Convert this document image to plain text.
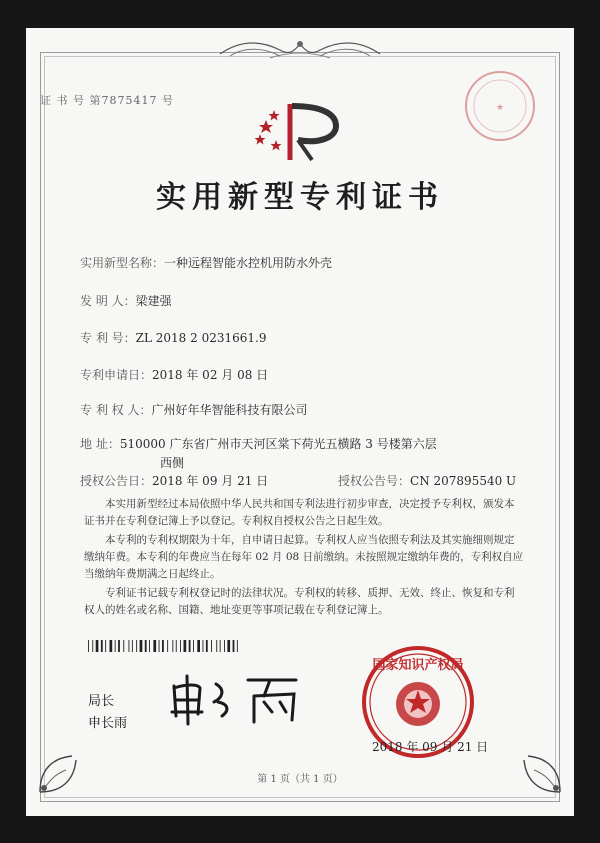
证 书 号 第7875417 号
★
实用新型专利证书
实用新型名称：一种远程智能水控机用防水外壳
发 明 人：梁建强
专 利 号：ZL 2018 2 0231661.9
专利申请日：2018 年 02 月 08 日
专 利 权 人：广州好年华智能科技有限公司
地 址：510000 广东省广州市天河区棠下荷光五横路 3 号楼第六层
西侧
授权公告日：2018 年 09 月 21 日	授权公告号：CN 207895540 U
本实用新型经过本局依照中华人民共和国专利法进行初步审查，决定授予专利权，颁发本证书并在专利登记簿上予以登记。专利权自授权公告之日起生效。
本专利的专利权期限为十年，自申请日起算。专利权人应当依照专利法及其实施细则规定缴纳年费。本专利的年费应当在每年 02 月 08 日前缴纳。未按照规定缴纳年费的，专利权自应当缴纳年费期满之日起终止。
专利证书记载专利权登记时的法律状况。专利权的转移、质押、无效、终止、恢复和专利权人的姓名或名称、国籍、地址变更等事项记载在专利登记簿上。
局长
申长雨
国家知识产权局
2018 年 09 月 21 日
第 1 页（共 1 页）
